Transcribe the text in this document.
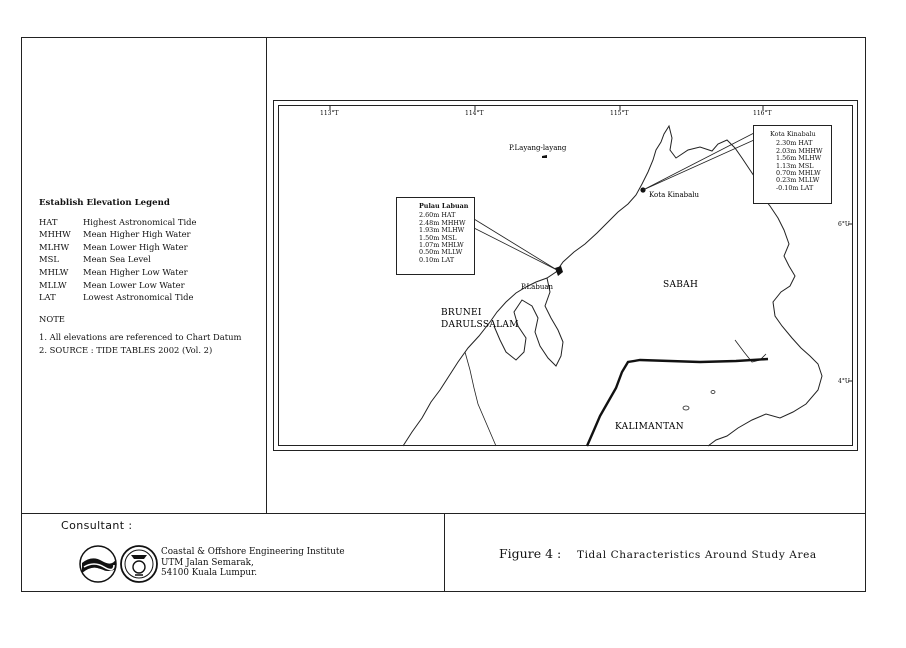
Establish Elevation Legend
HAT	Highest Astronomical Tide
MHHW	Mean Higher High Water
MLHW	Mean Lower High Water
MSL	Mean Sea Level
MHLW	Mean Higher Low Water
MLLW	Mean Lower Low Water
LAT	Lowest Astronomical Tide
NOTE
1. All elevations are referenced to Chart Datum
2. SOURCE : TIDE TABLES 2002 (Vol. 2)
113°T	114°T	115°T	116°T
6°U
4°U
P.Layang-layang
Kota Kinabalu
P.Labuan	SABAH
BRUNEI
DARULSSALAM
KALIMANTAN
Pulau Labuan
2.60m HAT
2.48m MHHW
1.93m MLHW
1.50m MSL
1.07m MHLW
0.50m MLLW
0.10m LAT
Kota Kinabalu
2.30m HAT
2.03m MHHW
1.56m MLHW
1.13m MSL
0.70m MHLW
0.23m MLLW
-0.10m LAT
Consultant :
Coastal & Offshore Engineering Institute
UTM Jalan Semarak,
54100 Kuala Lumpur.
Figure 4 : Tidal Characteristics Around Study Area
